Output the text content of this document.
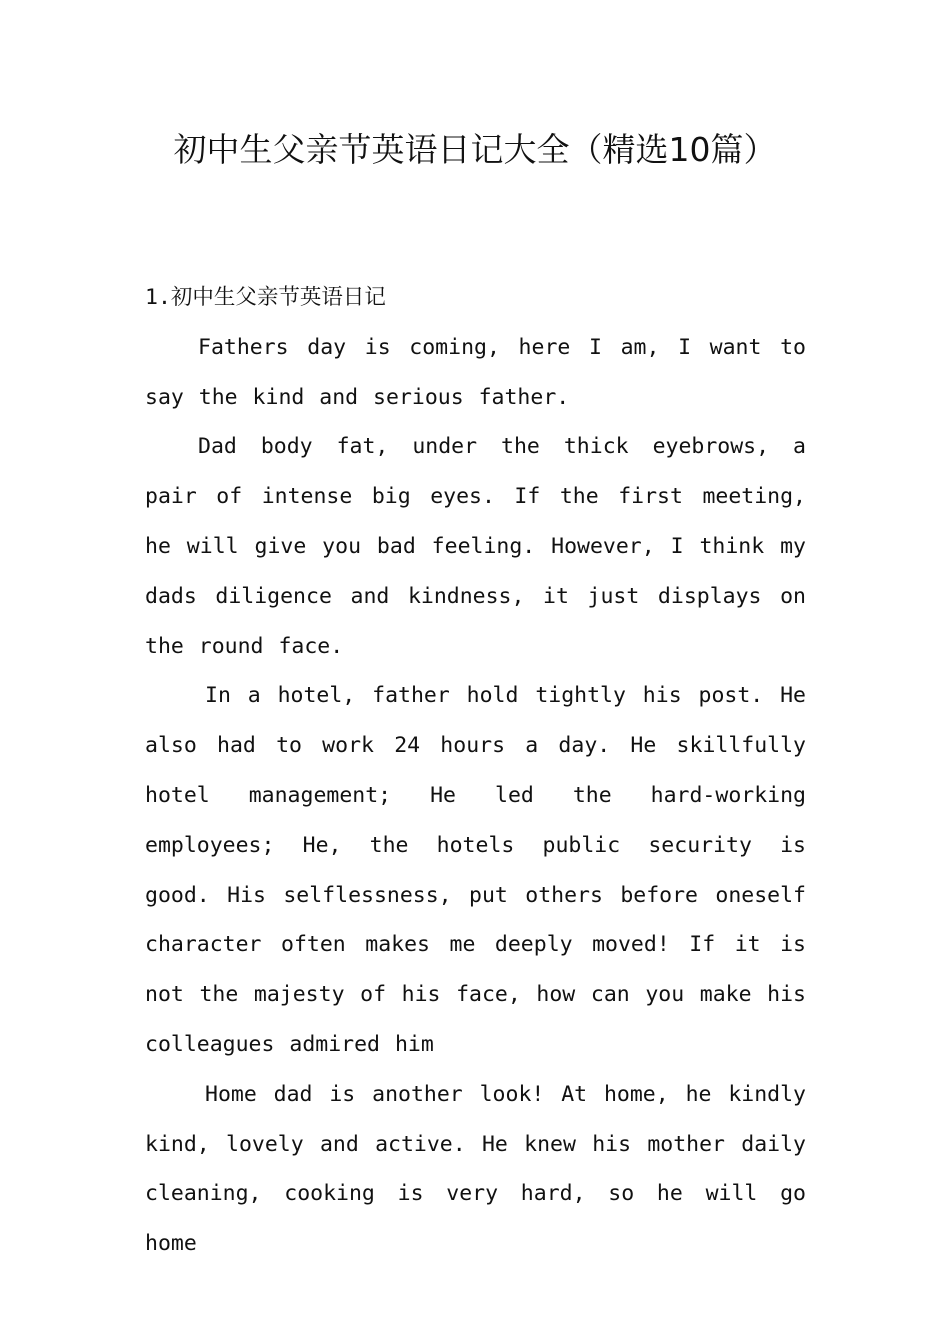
初中生父亲节英语日记大全（精选10篇）
1.初中生父亲节英语日记

Fathers day is coming, here I am, I want to say the kind and serious father.

Dad body fat, under the thick eyebrows, a pair of intense big eyes. If the first meeting, he will give you bad feeling. However, I think my dads diligence and kindness, it just displays on the round face.

In a hotel, father hold tightly his post. He also had to work 24 hours a day. He skillfully hotel management; He led the hard-working employees; He, the hotels public security is good. His selflessness, put others before oneself character often makes me deeply moved! If it is not the majesty of his face, how can you make his colleagues admired him

Home dad is another look! At home, he kindly kind, lovely and active. He knew his mother daily cleaning, cooking is very hard, so he will go home
